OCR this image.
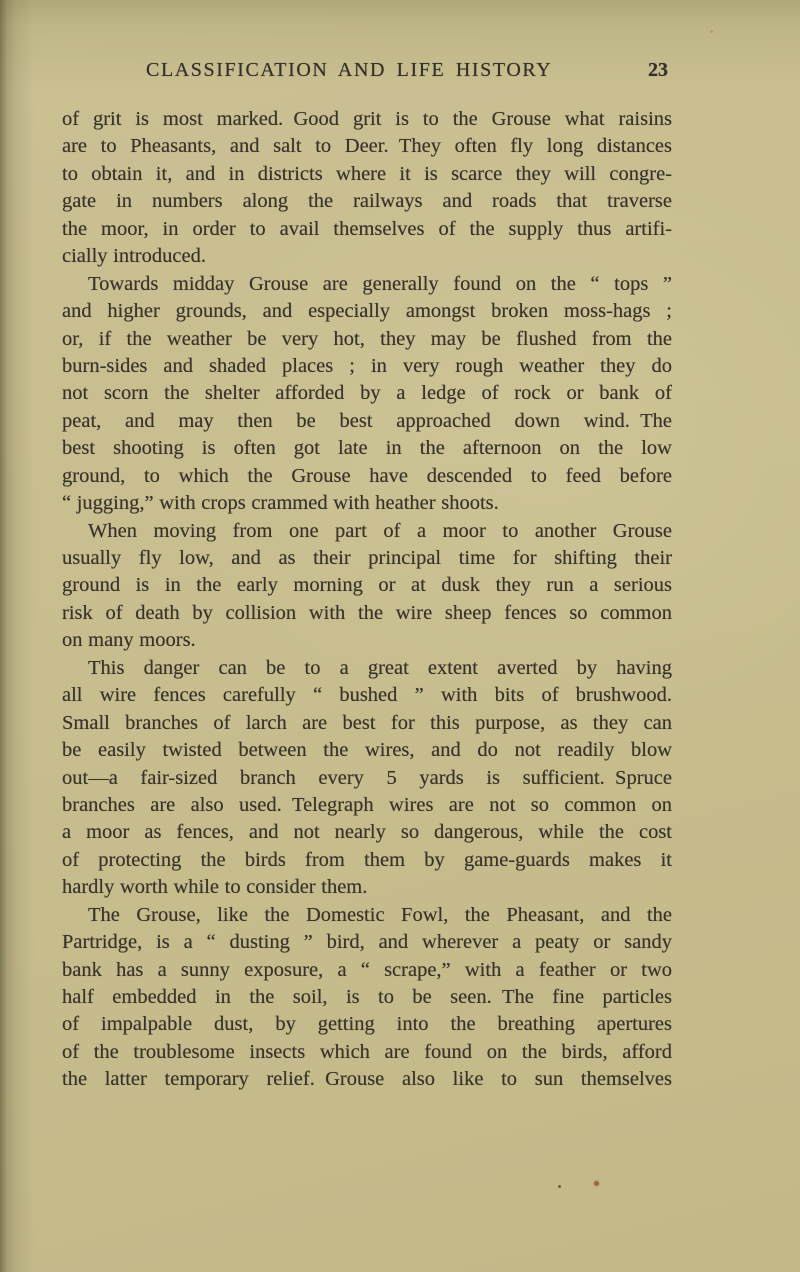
CLASSIFICATION AND LIFE HISTORY	23
of grit is most marked. Good grit is to the Grouse what raisins
are to Pheasants, and salt to Deer. They often fly long distances
to obtain it, and in districts where it is scarce they will congre-
gate in numbers along the railways and roads that traverse
the moor, in order to avail themselves of the supply thus artifi-
cially introduced.
Towards midday Grouse are generally found on the “ tops ”
and higher grounds, and especially amongst broken moss-hags ;
or, if the weather be very hot, they may be flushed from the
burn-sides and shaded places ; in very rough weather they do
not scorn the shelter afforded by a ledge of rock or bank of
peat, and may then be best approached down wind. The
best shooting is often got late in the afternoon on the low
ground, to which the Grouse have descended to feed before
“ jugging,” with crops crammed with heather shoots.
When moving from one part of a moor to another Grouse
usually fly low, and as their principal time for shifting their
ground is in the early morning or at dusk they run a serious
risk of death by collision with the wire sheep fences so common
on many moors.
This danger can be to a great extent averted by having
all wire fences carefully “ bushed ” with bits of brushwood.
Small branches of larch are best for this purpose, as they can
be easily twisted between the wires, and do not readily blow
out—a fair-sized branch every 5 yards is sufficient. Spruce
branches are also used. Telegraph wires are not so common on
a moor as fences, and not nearly so dangerous, while the cost
of protecting the birds from them by game-guards makes it
hardly worth while to consider them.
The Grouse, like the Domestic Fowl, the Pheasant, and the
Partridge, is a “ dusting ” bird, and wherever a peaty or sandy
bank has a sunny exposure, a “ scrape,” with a feather or two
half embedded in the soil, is to be seen. The fine particles
of impalpable dust, by getting into the breathing apertures
of the troublesome insects which are found on the birds, afford
the latter temporary relief. Grouse also like to sun themselves
